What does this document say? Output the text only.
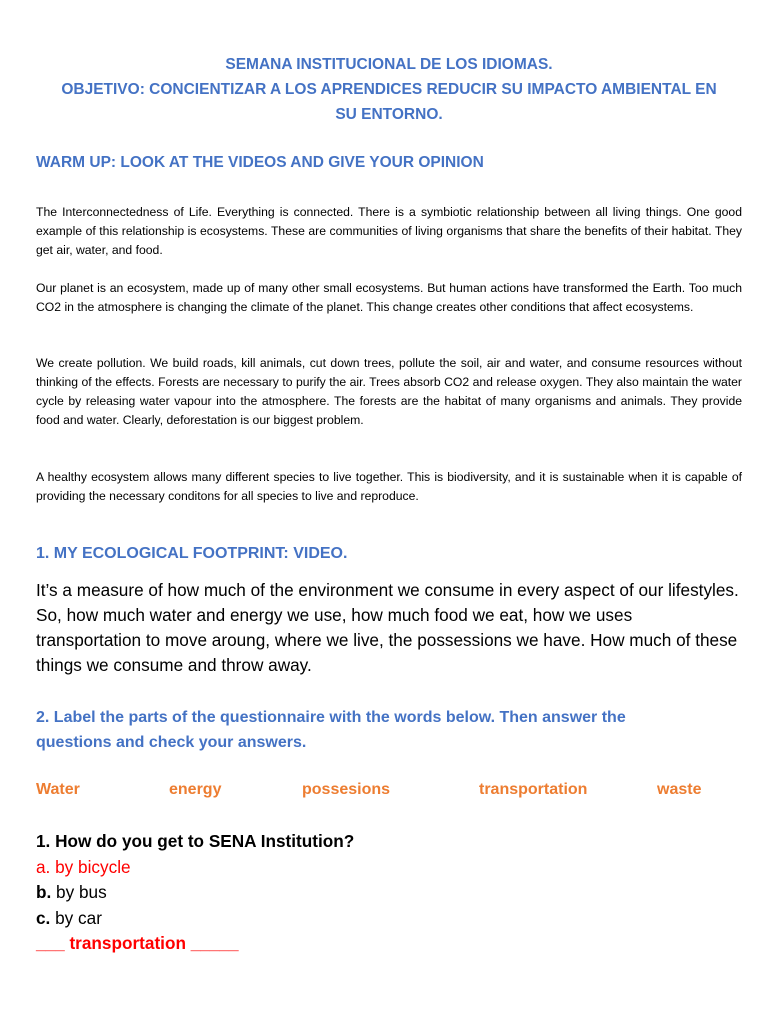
SEMANA INSTITUCIONAL DE LOS IDIOMAS.
OBJETIVO: CONCIENTIZAR A LOS APRENDICES REDUCIR SU IMPACTO AMBIENTAL EN
SU ENTORNO.
WARM UP: LOOK AT THE VIDEOS AND GIVE YOUR OPINION
The Interconnectedness of Life. Everything is connected. There is a symbiotic relationship between all living things. One good example of this relationship is ecosystems. These are communities of living organisms that share the benefits of their habitat. They get air, water, and food.
Our planet is an ecosystem, made up of many other small ecosystems. But human actions have transformed the Earth. Too much CO2 in the atmosphere is changing the climate of the planet. This change creates other conditions that affect ecosystems.
We create pollution. We build roads, kill animals, cut down trees, pollute the soil, air and water, and consume resources without thinking of the effects. Forests are necessary to purify the air. Trees absorb CO2 and release oxygen. They also maintain the water cycle by releasing water vapour into the atmosphere. The forests are the habitat of many organisms and animals. They provide food and water. Clearly, deforestation is our biggest problem.
A healthy ecosystem allows many different species to live together. This is biodiversity, and it is sustainable when it is capable of providing the necessary conditons for all species to live and reproduce.
1. MY ECOLOGICAL FOOTPRINT: VIDEO.
It’s a measure of how much of the environment we consume in every aspect of our lifestyles. So, how much water and energy we use, how much food we eat, how we uses transportation to move aroung, where we live, the possessions we have. How much of these things we consume and throw away.
2. Label the parts of the questionnaire with the words below. Then answer the
questions and check your answers.
Water	energy	possesions	transportation	waste
1. How do you get to SENA Institution?
a. by bicycle
b. by bus
c. by car
___ transportation _____
